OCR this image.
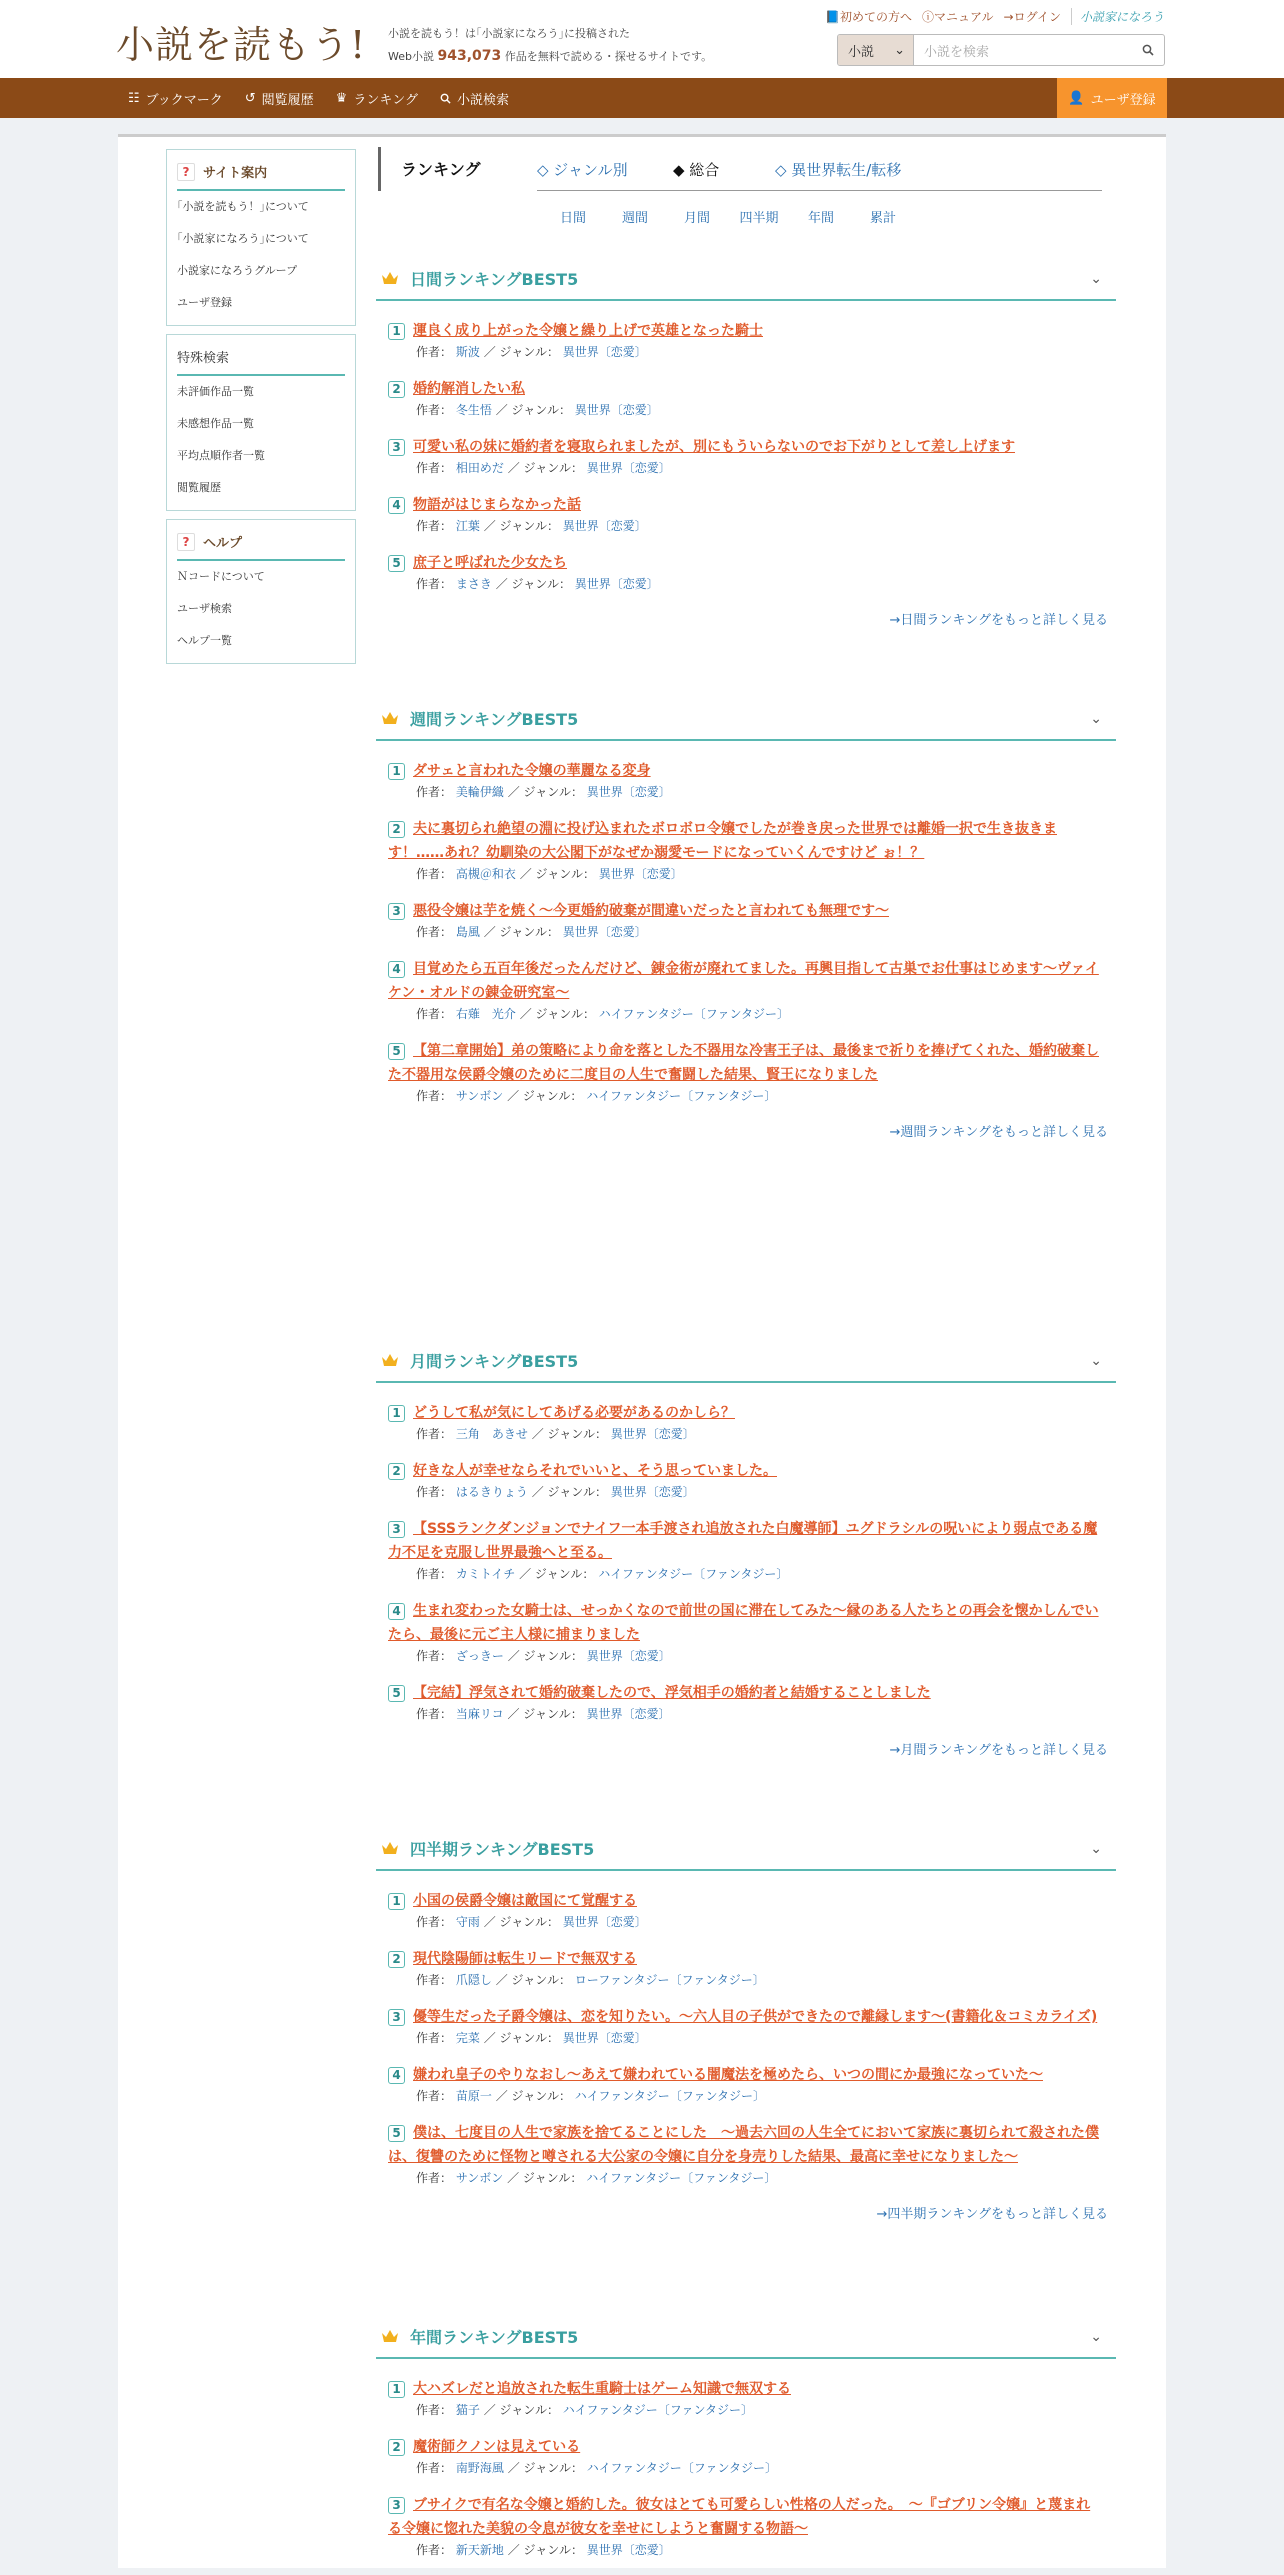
小説を読もう! 小説を読もう！は｢小説家になろう｣に投稿された
Web小説 943,073 作品を無料で読める・探せるサイトです。
📘初めての方へ ⓘマニュアル →ログイン	小説家になろう
小説 ⌄	小説を検索
☷ ブックマーク ↺ 閲覧履歴 ♛ ランキング	小説検索	👤 ユーザ登録
?	サイト案内
｢小説を読もう！｣について
｢小説家になろう｣について
小説家になろうグループ
ユーザ登録
特殊検索
未評価作品一覧
未感想作品一覧
平均点順作者一覧
閲覧履歴
?	ヘルプ
Ｎコードについて
ユーザ検索
ヘルプ一覧
ランキング	◇ ジャンル別	◆ 総合	◇ 異世界転生/転移
日間	週間	月間	四半期	年間	累計
日間ランキングBEST5	⌄
1 運良く成り上がった令嬢と繰り上げで英雄となった騎士
作者： 斯波 ／ ジャンル： 異世界〔恋愛〕
2 婚約解消したい私
作者： 冬生悟 ／ ジャンル： 異世界〔恋愛〕
3 可愛い私の妹に婚約者を寝取られましたが、別にもういらないのでお下がりとして差し上げます
作者： 相田めだ ／ ジャンル： 異世界〔恋愛〕
4 物語がはじまらなかった話
作者： 江葉 ／ ジャンル： 異世界〔恋愛〕
5 庶子と呼ばれた少女たち
作者： まさき ／ ジャンル： 異世界〔恋愛〕
→日間ランキングをもっと詳しく見る
週間ランキングBEST5	⌄
1 ダサェと言われた令嬢の華麗なる変身
作者： 美輪伊織 ／ ジャンル： 異世界〔恋愛〕
2 夫に裏切られ絶望の淵に投げ込まれたボロボロ令嬢でしたが巻き戻った世界では離婚一択で生き抜きます！……あれ？幼馴染の大公閣下がなぜか溺愛モードになっていくんですけど ぉ！？
作者： 高槻＠和衣 ／ ジャンル： 異世界〔恋愛〕
3 悪役令嬢は芋を焼く〜今更婚約破棄が間違いだったと言われても無理です〜
作者： 島風 ／ ジャンル： 異世界〔恋愛〕
4 目覚めたら五百年後だったんだけど、錬金術が廃れてました。再興目指して古巣でお仕事はじめます〜ヴァイケン・オルドの錬金研究室〜
作者： 右薙　光介 ／ ジャンル： ハイファンタジー〔ファンタジー〕
5 【第二章開始】弟の策略により命を落とした不器用な冷害王子は、最後まで祈りを捧げてくれた、婚約破棄した不器用な侯爵令嬢のために二度目の人生で奮闘した結果、賢王になりました
作者： サンボン ／ ジャンル： ハイファンタジー〔ファンタジー〕
→週間ランキングをもっと詳しく見る
月間ランキングBEST5	⌄
1 どうして私が気にしてあげる必要があるのかしら？
作者： 三角　あきせ ／ ジャンル： 異世界〔恋愛〕
2 好きな人が幸せならそれでいいと、そう思っていました。
作者： はるきりょう ／ ジャンル： 異世界〔恋愛〕
3 【SSSランクダンジョンでナイフ一本手渡され追放された白魔導師】ユグドラシルの呪いにより弱点である魔力不足を克服し世界最強へと至る。
作者： カミトイチ ／ ジャンル： ハイファンタジー〔ファンタジー〕
4 生まれ変わった女騎士は、せっかくなので前世の国に滞在してみた～縁のある人たちとの再会を懐かしんでいたら、最後に元ご主人様に捕まりました
作者： ざっきー ／ ジャンル： 異世界〔恋愛〕
5 【完結】浮気されて婚約破棄したので、浮気相手の婚約者と結婚することしました
作者： 当麻リコ ／ ジャンル： 異世界〔恋愛〕
→月間ランキングをもっと詳しく見る
四半期ランキングBEST5	⌄
1 小国の侯爵令嬢は敵国にて覚醒する
作者： 守雨 ／ ジャンル： 異世界〔恋愛〕
2 現代陰陽師は転生リードで無双する
作者： 爪隠し ／ ジャンル： ローファンタジー〔ファンタジー〕
3 優等生だった子爵令嬢は、恋を知りたい。～六人目の子供ができたので離縁します～(書籍化＆コミカライズ)
作者： 完菜 ／ ジャンル： 異世界〔恋愛〕
4 嫌われ皇子のやりなおし～あえて嫌われている闇魔法を極めたら、いつの間にか最強になっていた～
作者： 苗原一 ／ ジャンル： ハイファンタジー〔ファンタジー〕
5 僕は、七度目の人生で家族を捨てることにした　～過去六回の人生全てにおいて家族に裏切られて殺された僕は、復讐のために怪物と噂される大公家の令嬢に自分を身売りした結果、最高に幸せになりました～
作者： サンボン ／ ジャンル： ハイファンタジー〔ファンタジー〕
→四半期ランキングをもっと詳しく見る
年間ランキングBEST5	⌄
1 大ハズレだと追放された転生重騎士はゲーム知識で無双する
作者： 猫子 ／ ジャンル： ハイファンタジー〔ファンタジー〕
2 魔術師クノンは見えている
作者： 南野海風 ／ ジャンル： ハイファンタジー〔ファンタジー〕
3 ブサイクで有名な令嬢と婚約した。彼女はとても可愛らしい性格の人だった。　～『ゴブリン令嬢』と蔑まれる令嬢に惚れた美貌の令息が彼女を幸せにしようと奮闘する物語～
作者： 新天新地 ／ ジャンル： 異世界〔恋愛〕
